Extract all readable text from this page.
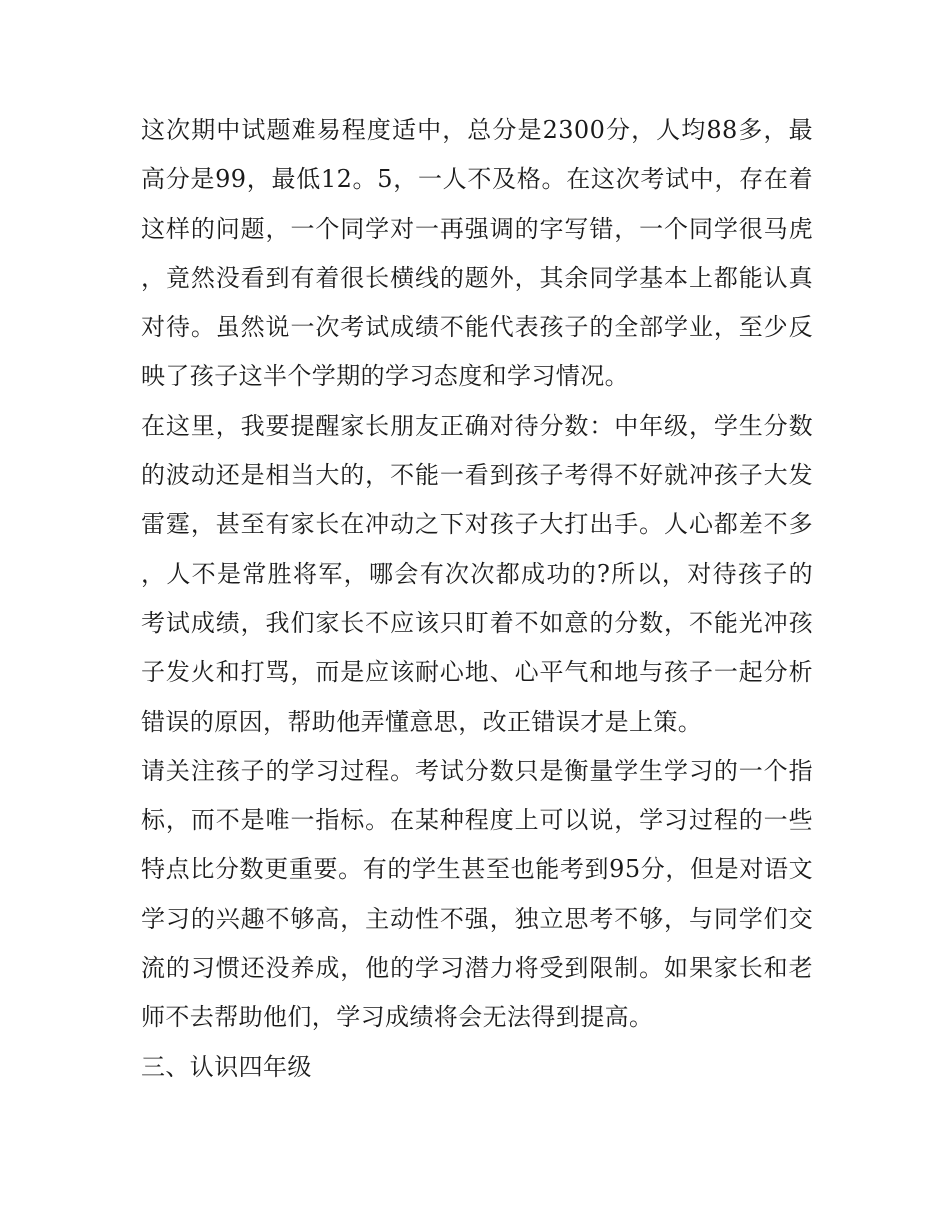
这次期中试题难易程度适中，总分是2300分，人均88多，最高分是99，最低12。5，一人不及格。在这次考试中，存在着这样的问题，一个同学对一再强调的字写错，一个同学很马虎，竟然没看到有着很长横线的题外，其余同学基本上都能认真对待。虽然说一次考试成绩不能代表孩子的全部学业，至少反映了孩子这半个学期的学习态度和学习情况。

在这里，我要提醒家长朋友正确对待分数：中年级，学生分数的波动还是相当大的，不能一看到孩子考得不好就冲孩子大发雷霆，甚至有家长在冲动之下对孩子大打出手。人心都差不多，人不是常胜将军，哪会有次次都成功的?所以，对待孩子的考试成绩，我们家长不应该只盯着不如意的分数，不能光冲孩子发火和打骂，而是应该耐心地、心平气和地与孩子一起分析错误的原因，帮助他弄懂意思，改正错误才是上策。

请关注孩子的学习过程。考试分数只是衡量学生学习的一个指标，而不是唯一指标。在某种程度上可以说，学习过程的一些特点比分数更重要。有的学生甚至也能考到95分，但是对语文学习的兴趣不够高，主动性不强，独立思考不够，与同学们交流的习惯还没养成，他的学习潜力将受到限制。如果家长和老师不去帮助他们，学习成绩将会无法得到提高。

三、认识四年级
